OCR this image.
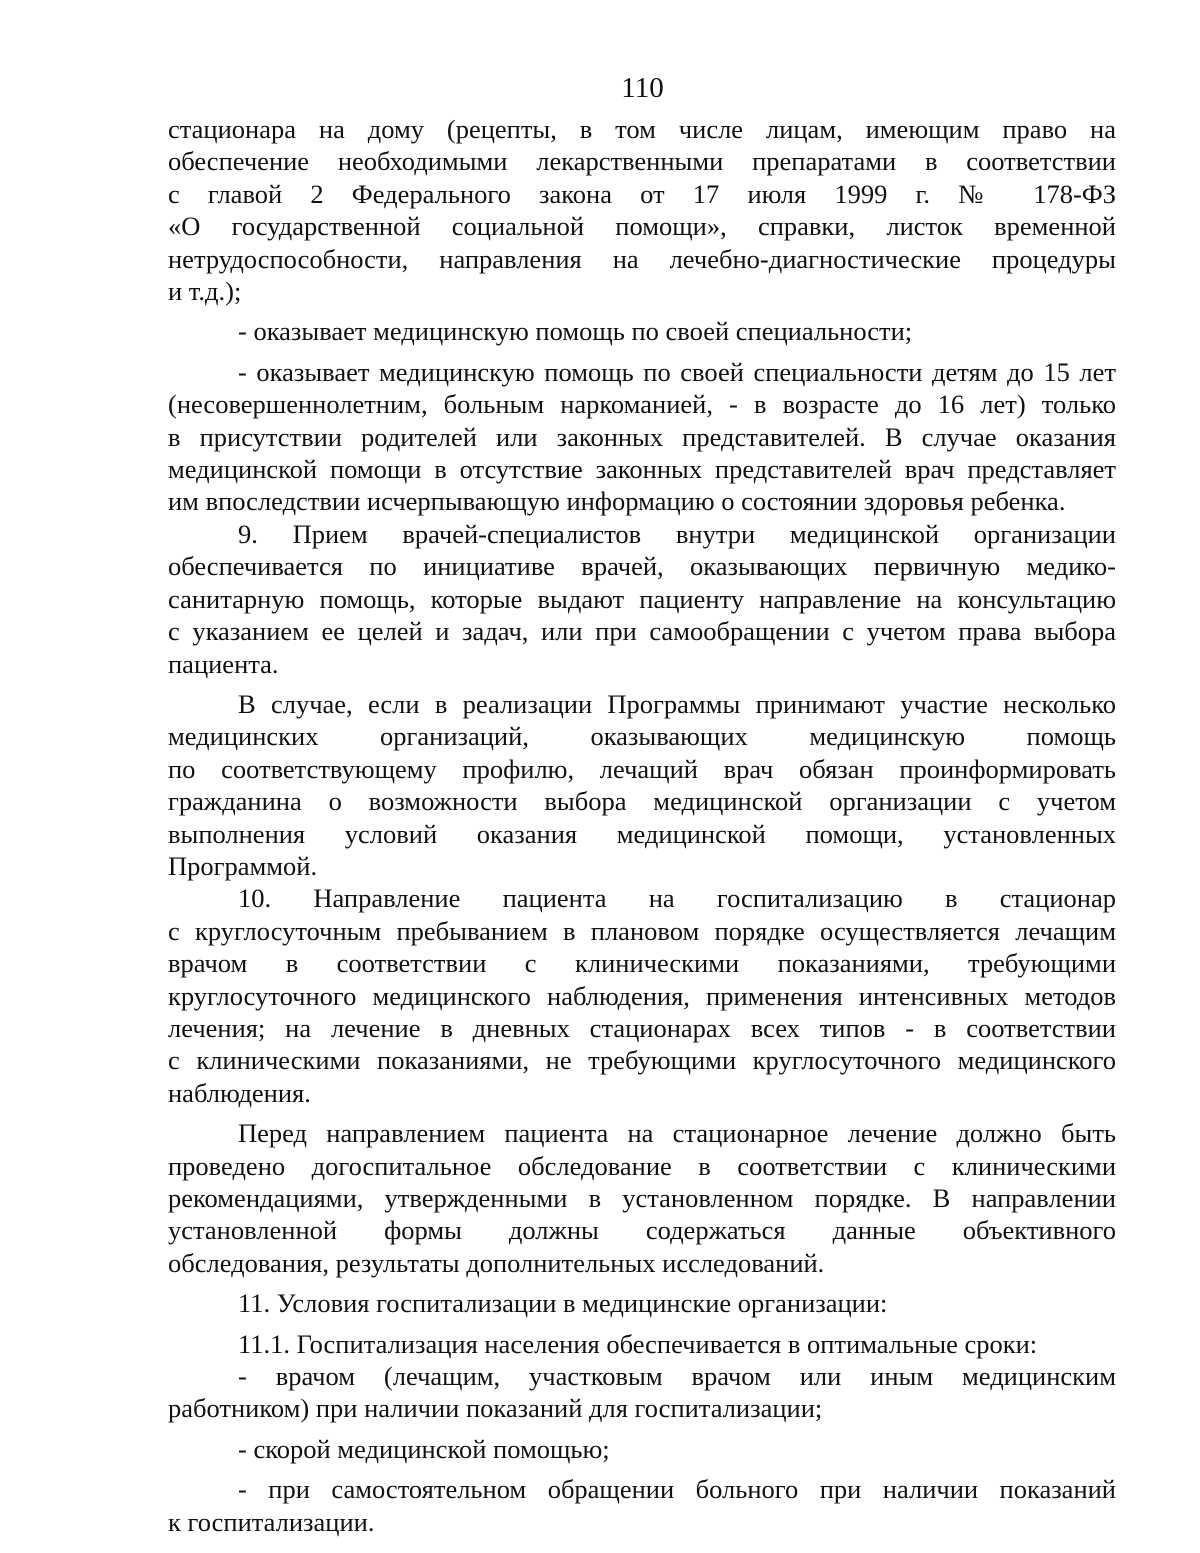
110

стационара на дому (рецепты, в том числе лицам, имеющим право на
обеспечение необходимыми лекарственными препаратами в соответствии
с главой 2 Федерального закона от 17 июля 1999 г. № 178-ФЗ
«О государственной социальной помощи», справки, листок временной
нетрудоспособности, направления на лечебно-диагностические процедуры
и т.д.);

- оказывает медицинскую помощь по своей специальности;

- оказывает медицинскую помощь по своей специальности детям до 15 лет
(несовершеннолетним, больным наркоманией, - в возрасте до 16 лет) только
в присутствии родителей или законных представителей. В случае оказания
медицинской помощи в отсутствие законных представителей врач представляет
им впоследствии исчерпывающую информацию о состоянии здоровья ребенка.

9. Прием врачей-специалистов внутри медицинской организации
обеспечивается по инициативе врачей, оказывающих первичную медико-
санитарную помощь, которые выдают пациенту направление на консультацию
с указанием ее целей и задач, или при самообращении с учетом права выбора
пациента.

В случае, если в реализации Программы принимают участие несколько
медицинских организаций, оказывающих медицинскую помощь
по соответствующему профилю, лечащий врач обязан проинформировать
гражданина о возможности выбора медицинской организации с учетом
выполнения условий оказания медицинской помощи, установленных
Программой.

10. Направление пациента на госпитализацию в стационар
с круглосуточным пребыванием в плановом порядке осуществляется лечащим
врачом в соответствии с клиническими показаниями, требующими
круглосуточного медицинского наблюдения, применения интенсивных методов
лечения; на лечение в дневных стационарах всех типов - в соответствии
с клиническими показаниями, не требующими круглосуточного медицинского
наблюдения.

Перед направлением пациента на стационарное лечение должно быть
проведено догоспитальное обследование в соответствии с клиническими
рекомендациями, утвержденными в установленном порядке. В направлении
установленной формы должны содержаться данные объективного
обследования, результаты дополнительных исследований.

11. Условия госпитализации в медицинские организации:

11.1. Госпитализация населения обеспечивается в оптимальные сроки:

- врачом (лечащим, участковым врачом или иным медицинским
работником) при наличии показаний для госпитализации;

- скорой медицинской помощью;

- при самостоятельном обращении больного при наличии показаний
к госпитализации.
